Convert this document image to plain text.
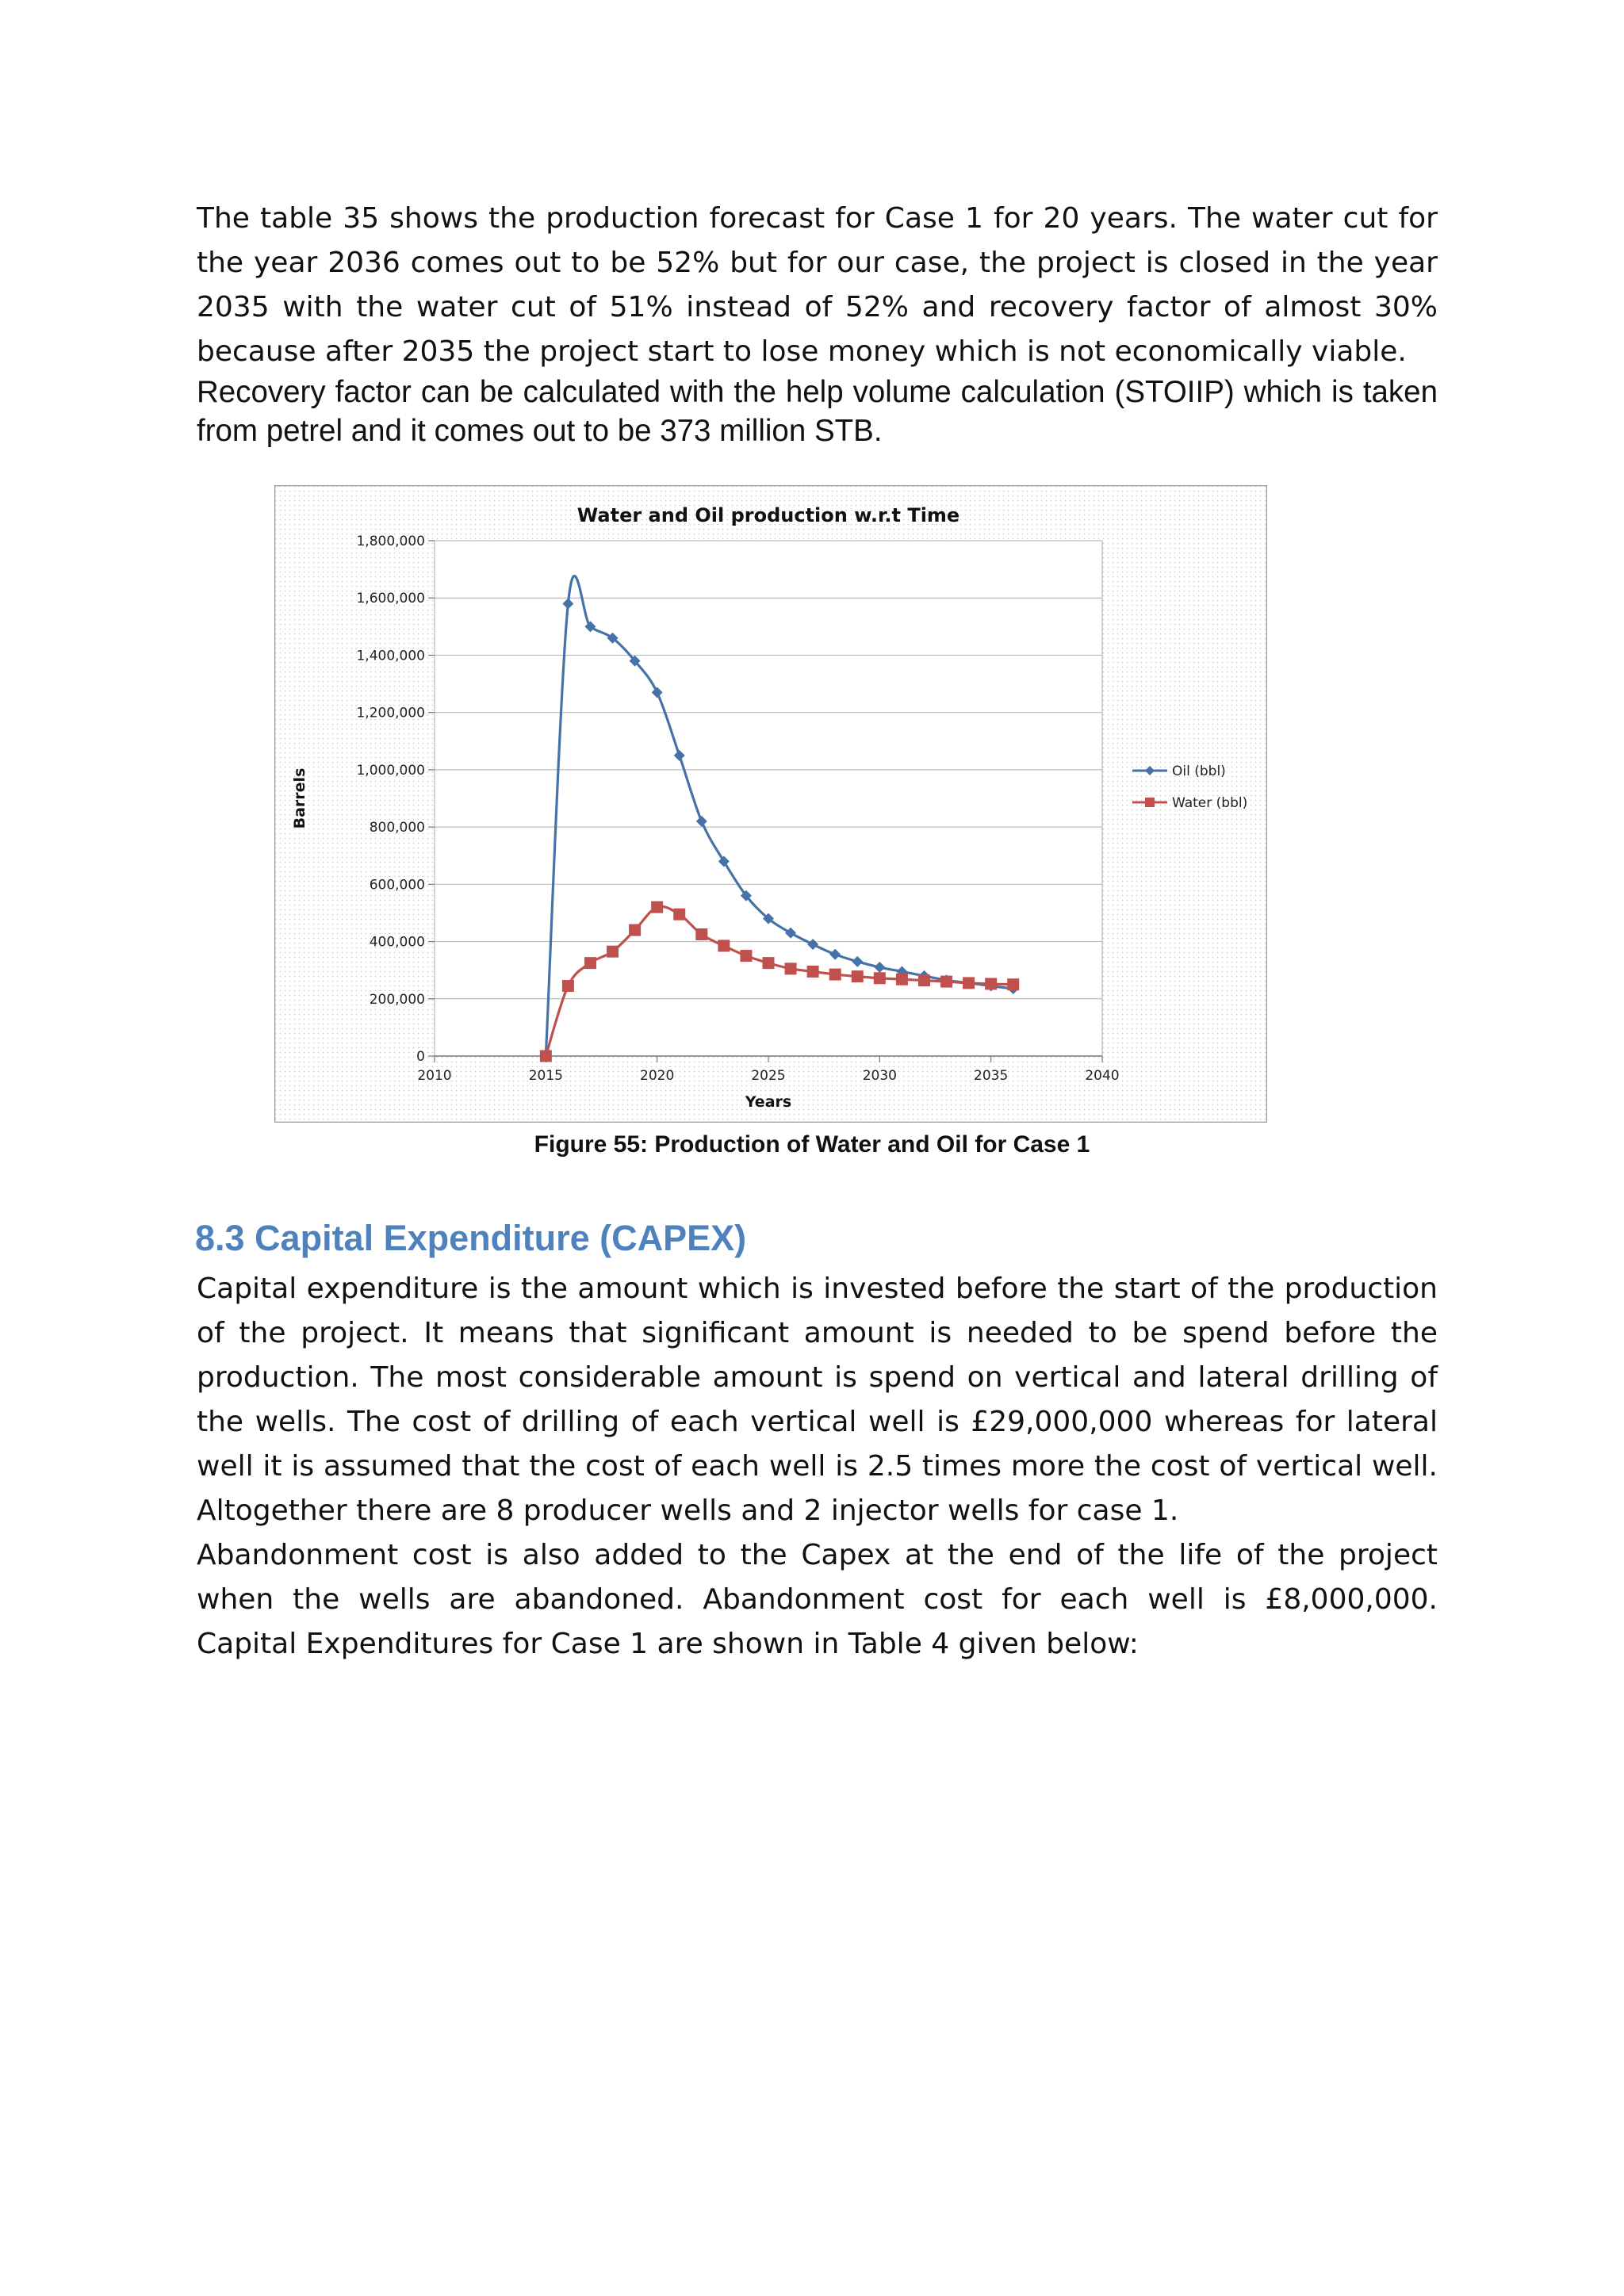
The table 35 shows the production forecast for Case 1 for 20 years. The water cut for the year 2036 comes out to be 52% but for our case, the project is closed in the year 2035 with the water cut of 51% instead of 52% and recovery factor of almost 30% because after 2035 the project start to lose money which is not economically viable.

Recovery factor can be calculated with the help volume calculation (STOIIP) which is taken from petrel and it comes out to be 373 million STB.

0
200,000
400,000
600,000
800,000
1,000,000
1,200,000
1,400,000
1,600,000
1,800,000
2010	2015	2020	2025	2030	2035	2040
Oil (bbl)
Water (bbl)
Water and Oil production w.r.t Time
Years
Barrels
Figure 55: Production of Water and Oil for Case 1
8.3 Capital Expenditure (CAPEX)

Capital expenditure is the amount which is invested before the start of the production of the project. It means that significant amount is needed to be spend before the production. The most considerable amount is spend on vertical and lateral drilling of the wells. The cost of drilling of each vertical well is £29,000,000 whereas for lateral well it is assumed that the cost of each well is 2.5 times more the cost of vertical well. Altogether there are 8 producer wells and 2 injector wells for case 1.

Abandonment cost is also added to the Capex at the end of the life of the project when the wells are abandoned. Abandonment cost for each well is £8,000,000. Capital Expenditures for Case 1 are shown in Table 4 given below:
